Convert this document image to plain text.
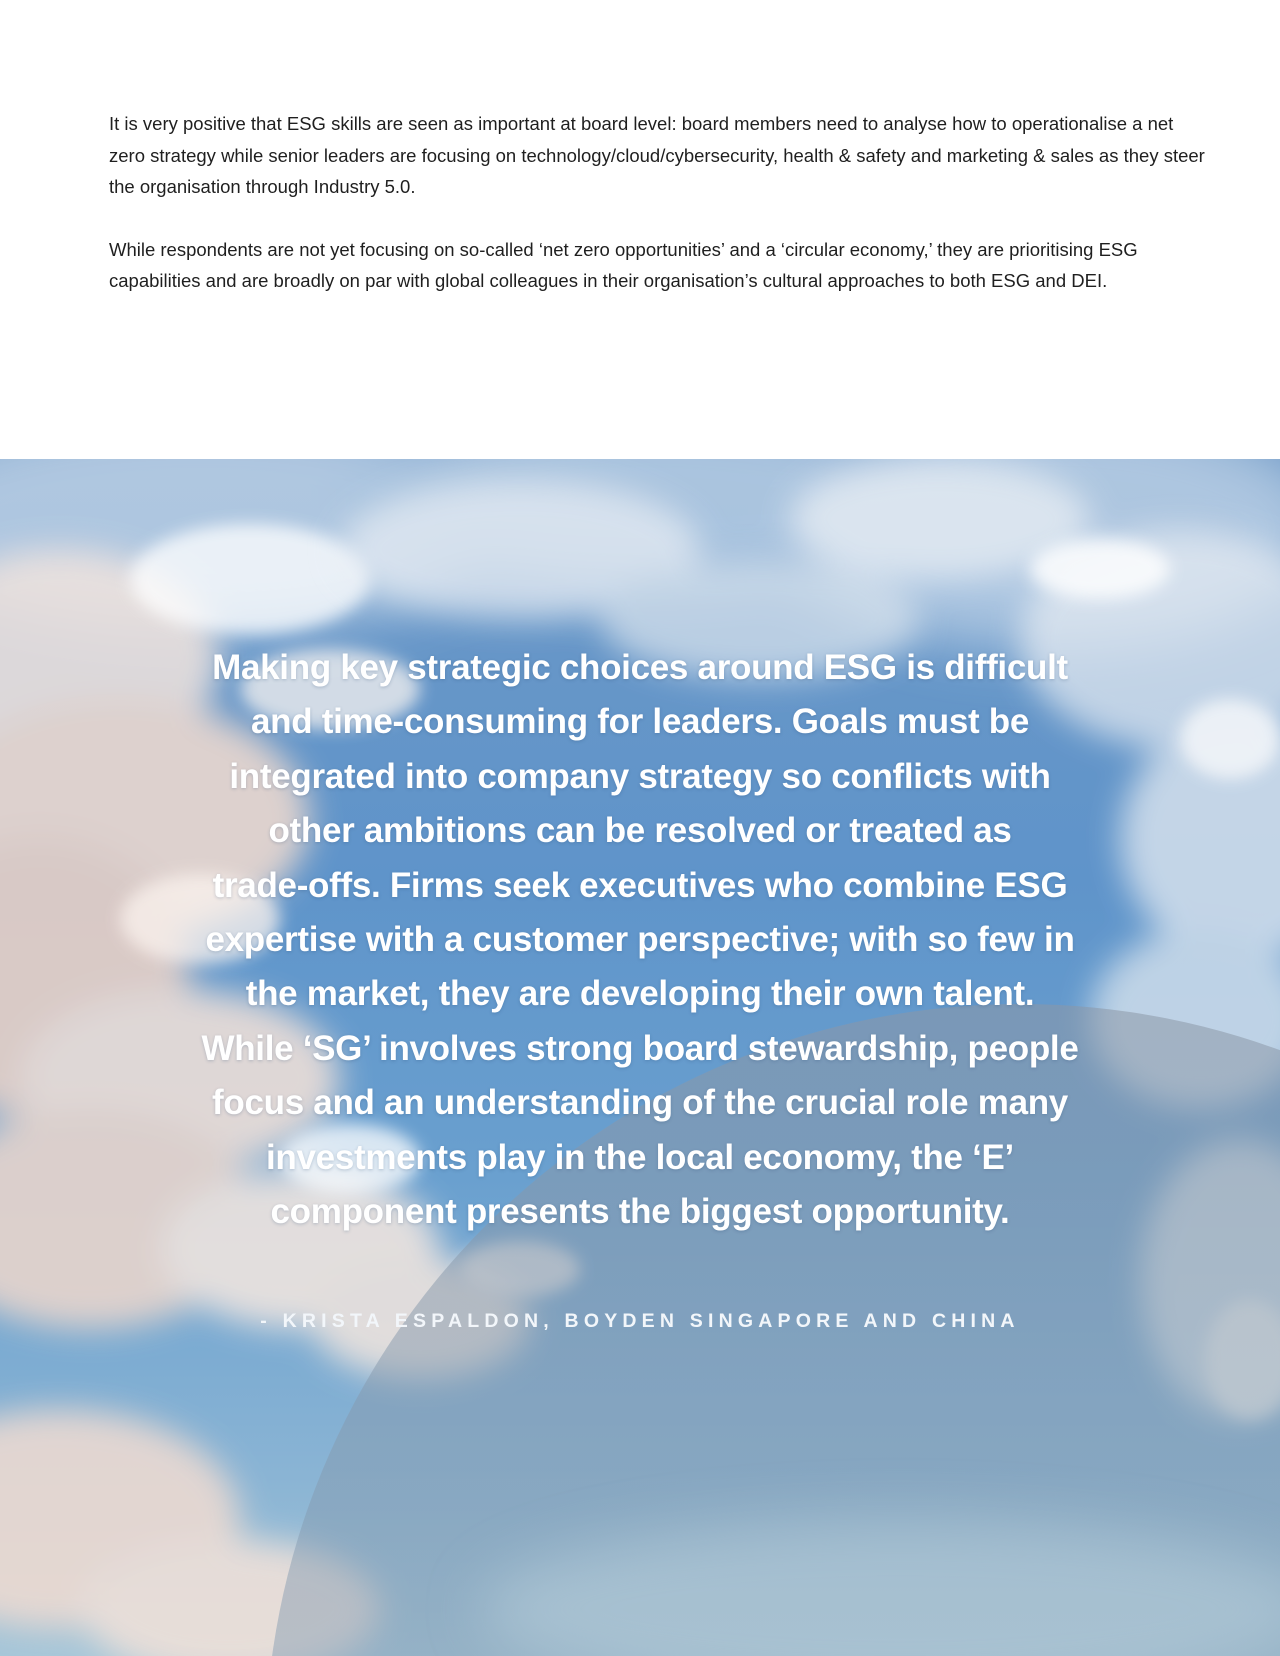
It is very positive that ESG skills are seen as important at board level: board members need to analyse how to operationalise a net zero strategy while senior leaders are focusing on technology/cloud/cybersecurity, health & safety and marketing & sales as they steer the organisation through Industry 5.0.

While respondents are not yet focusing on so-called ‘net zero opportunities’ and a ‘circular economy,’ they are prioritising ESG capabilities and are broadly on par with global colleagues in their organisation’s cultural approaches to both ESG and DEI.

Making key strategic choices around ESG is difficult
and time-consuming for leaders. Goals must be
integrated into company strategy so conflicts with
other ambitions can be resolved or treated as
trade-offs. Firms seek executives who combine ESG
expertise with a customer perspective; with so few in
the market, they are developing their own talent.
While ‘SG’ involves strong board stewardship, people
focus and an understanding of the crucial role many
investments play in the local economy, the ‘E’
component presents the biggest opportunity.
- KRISTA ESPALDON, BOYDEN SINGAPORE AND CHINA
